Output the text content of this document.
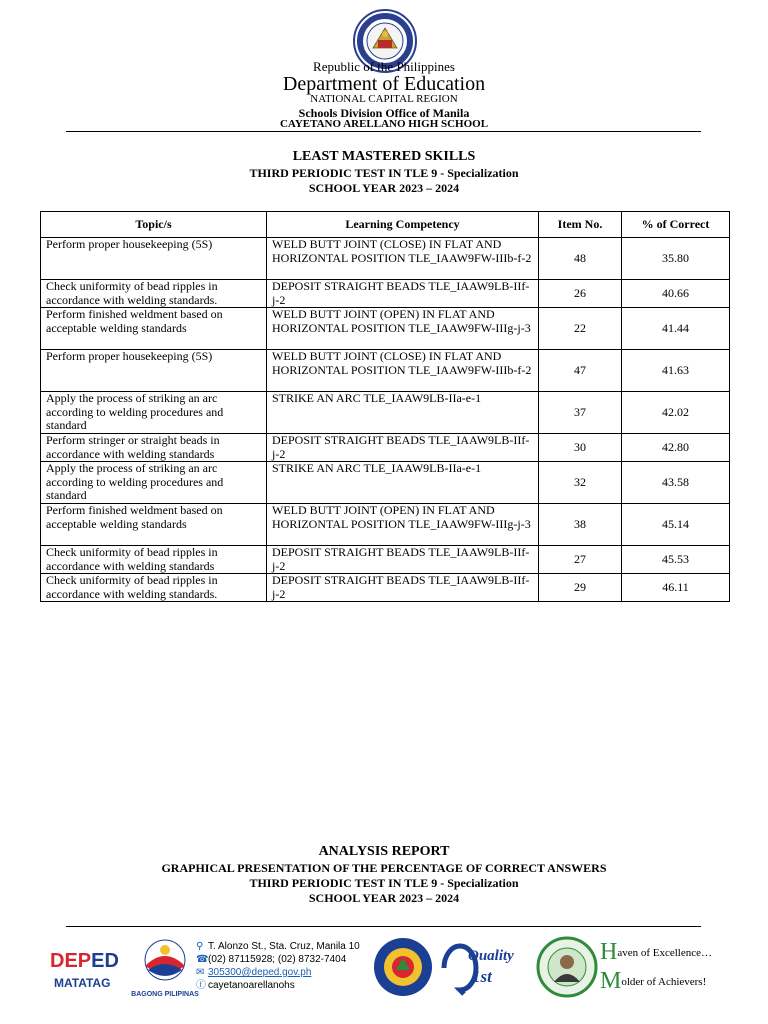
Republic of the Philippines
Department of Education
NATIONAL CAPITAL REGION
Schools Division Office of Manila
CAYETANO ARELLANO HIGH SCHOOL
LEAST MASTERED SKILLS
THIRD PERIODIC TEST IN TLE 9 - Specialization
SCHOOL YEAR 2023 – 2024
Topic/s	Learning Competency	Item No.	% of Correct
Perform proper housekeeping (5S)	WELD BUTT JOINT (CLOSE) IN FLAT AND HORIZONTAL POSITION TLE_IAAW9FW-IIIb-f-2	48	35.80
Check uniformity of bead ripples in accordance with welding standards.	DEPOSIT STRAIGHT BEADS TLE_IAAW9LB-IIf-j-2	26	40.66
Perform finished weldment based on acceptable welding standards	WELD BUTT JOINT (OPEN) IN FLAT AND HORIZONTAL POSITION TLE_IAAW9FW-IIIg-j-3	22	41.44
Perform proper housekeeping (5S)	WELD BUTT JOINT (CLOSE) IN FLAT AND HORIZONTAL POSITION TLE_IAAW9FW-IIIb-f-2	47	41.63
Apply the process of striking an arc according to welding procedures and standard	STRIKE AN ARC TLE_IAAW9LB-IIa-e-1	37	42.02
Perform stringer or straight beads in accordance with welding standards	DEPOSIT STRAIGHT BEADS TLE_IAAW9LB-IIf-j-2	30	42.80
Apply the process of striking an arc according to welding procedures and standard	STRIKE AN ARC TLE_IAAW9LB-IIa-e-1	32	43.58
Perform finished weldment based on acceptable welding standards	WELD BUTT JOINT (OPEN) IN FLAT AND HORIZONTAL POSITION TLE_IAAW9FW-IIIg-j-3	38	45.14
Check uniformity of bead ripples in accordance with welding standards	DEPOSIT STRAIGHT BEADS TLE_IAAW9LB-IIf-j-2	27	45.53
Check uniformity of bead ripples in accordance with welding standards.	DEPOSIT STRAIGHT BEADS TLE_IAAW9LB-IIf-j-2	29	46.11
ANALYSIS REPORT
GRAPHICAL PRESENTATION OF THE PERCENTAGE OF CORRECT ANSWERS
THIRD PERIODIC TEST IN TLE 9 - Specialization
SCHOOL YEAR 2023 – 2024
DEPED
MATATAG
BAGONG PILIPINAS
⚲ T. Alonzo St., Sta. Cruz, Manila 10
☎(02) 87115928; (02) 8732-7404
✉ 305300@deped.gov.ph
ⓕ cayetanoarellanohs
Quality
1st
Haven of Excellence…
Molder of Achievers!
